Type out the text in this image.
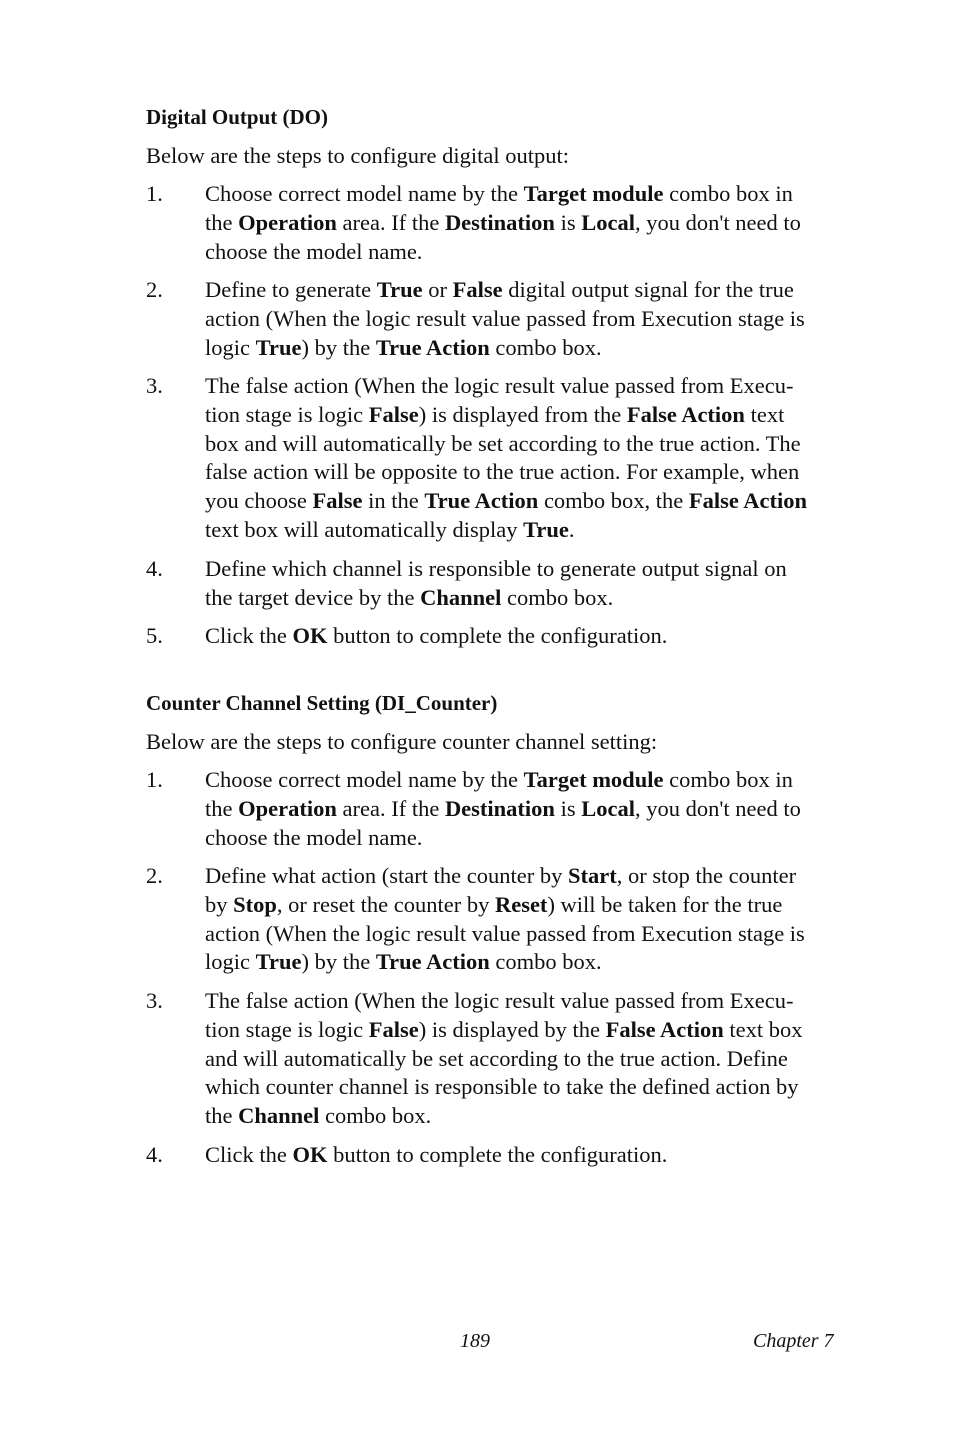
Digital Output (DO)

Below are the steps to configure digital output:

1. Choose correct model name by the Target module combo box in

the Operation area. If the Destination is Local, you don't need to

choose the model name.

2. Define to generate True or False digital output signal for the true

action (When the logic result value passed from Execution stage is

logic True) by the True Action combo box.

3. The false action (When the logic result value passed from Execu-

tion stage is logic False) is displayed from the False Action text

box and will automatically be set according to the true action. The

false action will be opposite to the true action. For example, when

you choose False in the True Action combo box, the False Action

text box will automatically display True.

4. Define which channel is responsible to generate output signal on

the target device by the Channel combo box.

5. Click the OK button to complete the configuration.

Counter Channel Setting (DI_Counter)

Below are the steps to configure counter channel setting:

1. Choose correct model name by the Target module combo box in

the Operation area. If the Destination is Local, you don't need to

choose the model name.

2. Define what action (start the counter by Start, or stop the counter

by Stop, or reset the counter by Reset) will be taken for the true

action (When the logic result value passed from Execution stage is

logic True) by the True Action combo box.

3. The false action (When the logic result value passed from Execu-

tion stage is logic False) is displayed by the False Action text box

and will automatically be set according to the true action. Define

which counter channel is responsible to take the defined action by

the Channel combo box.

4. Click the OK button to complete the configuration.

189	Chapter 7
